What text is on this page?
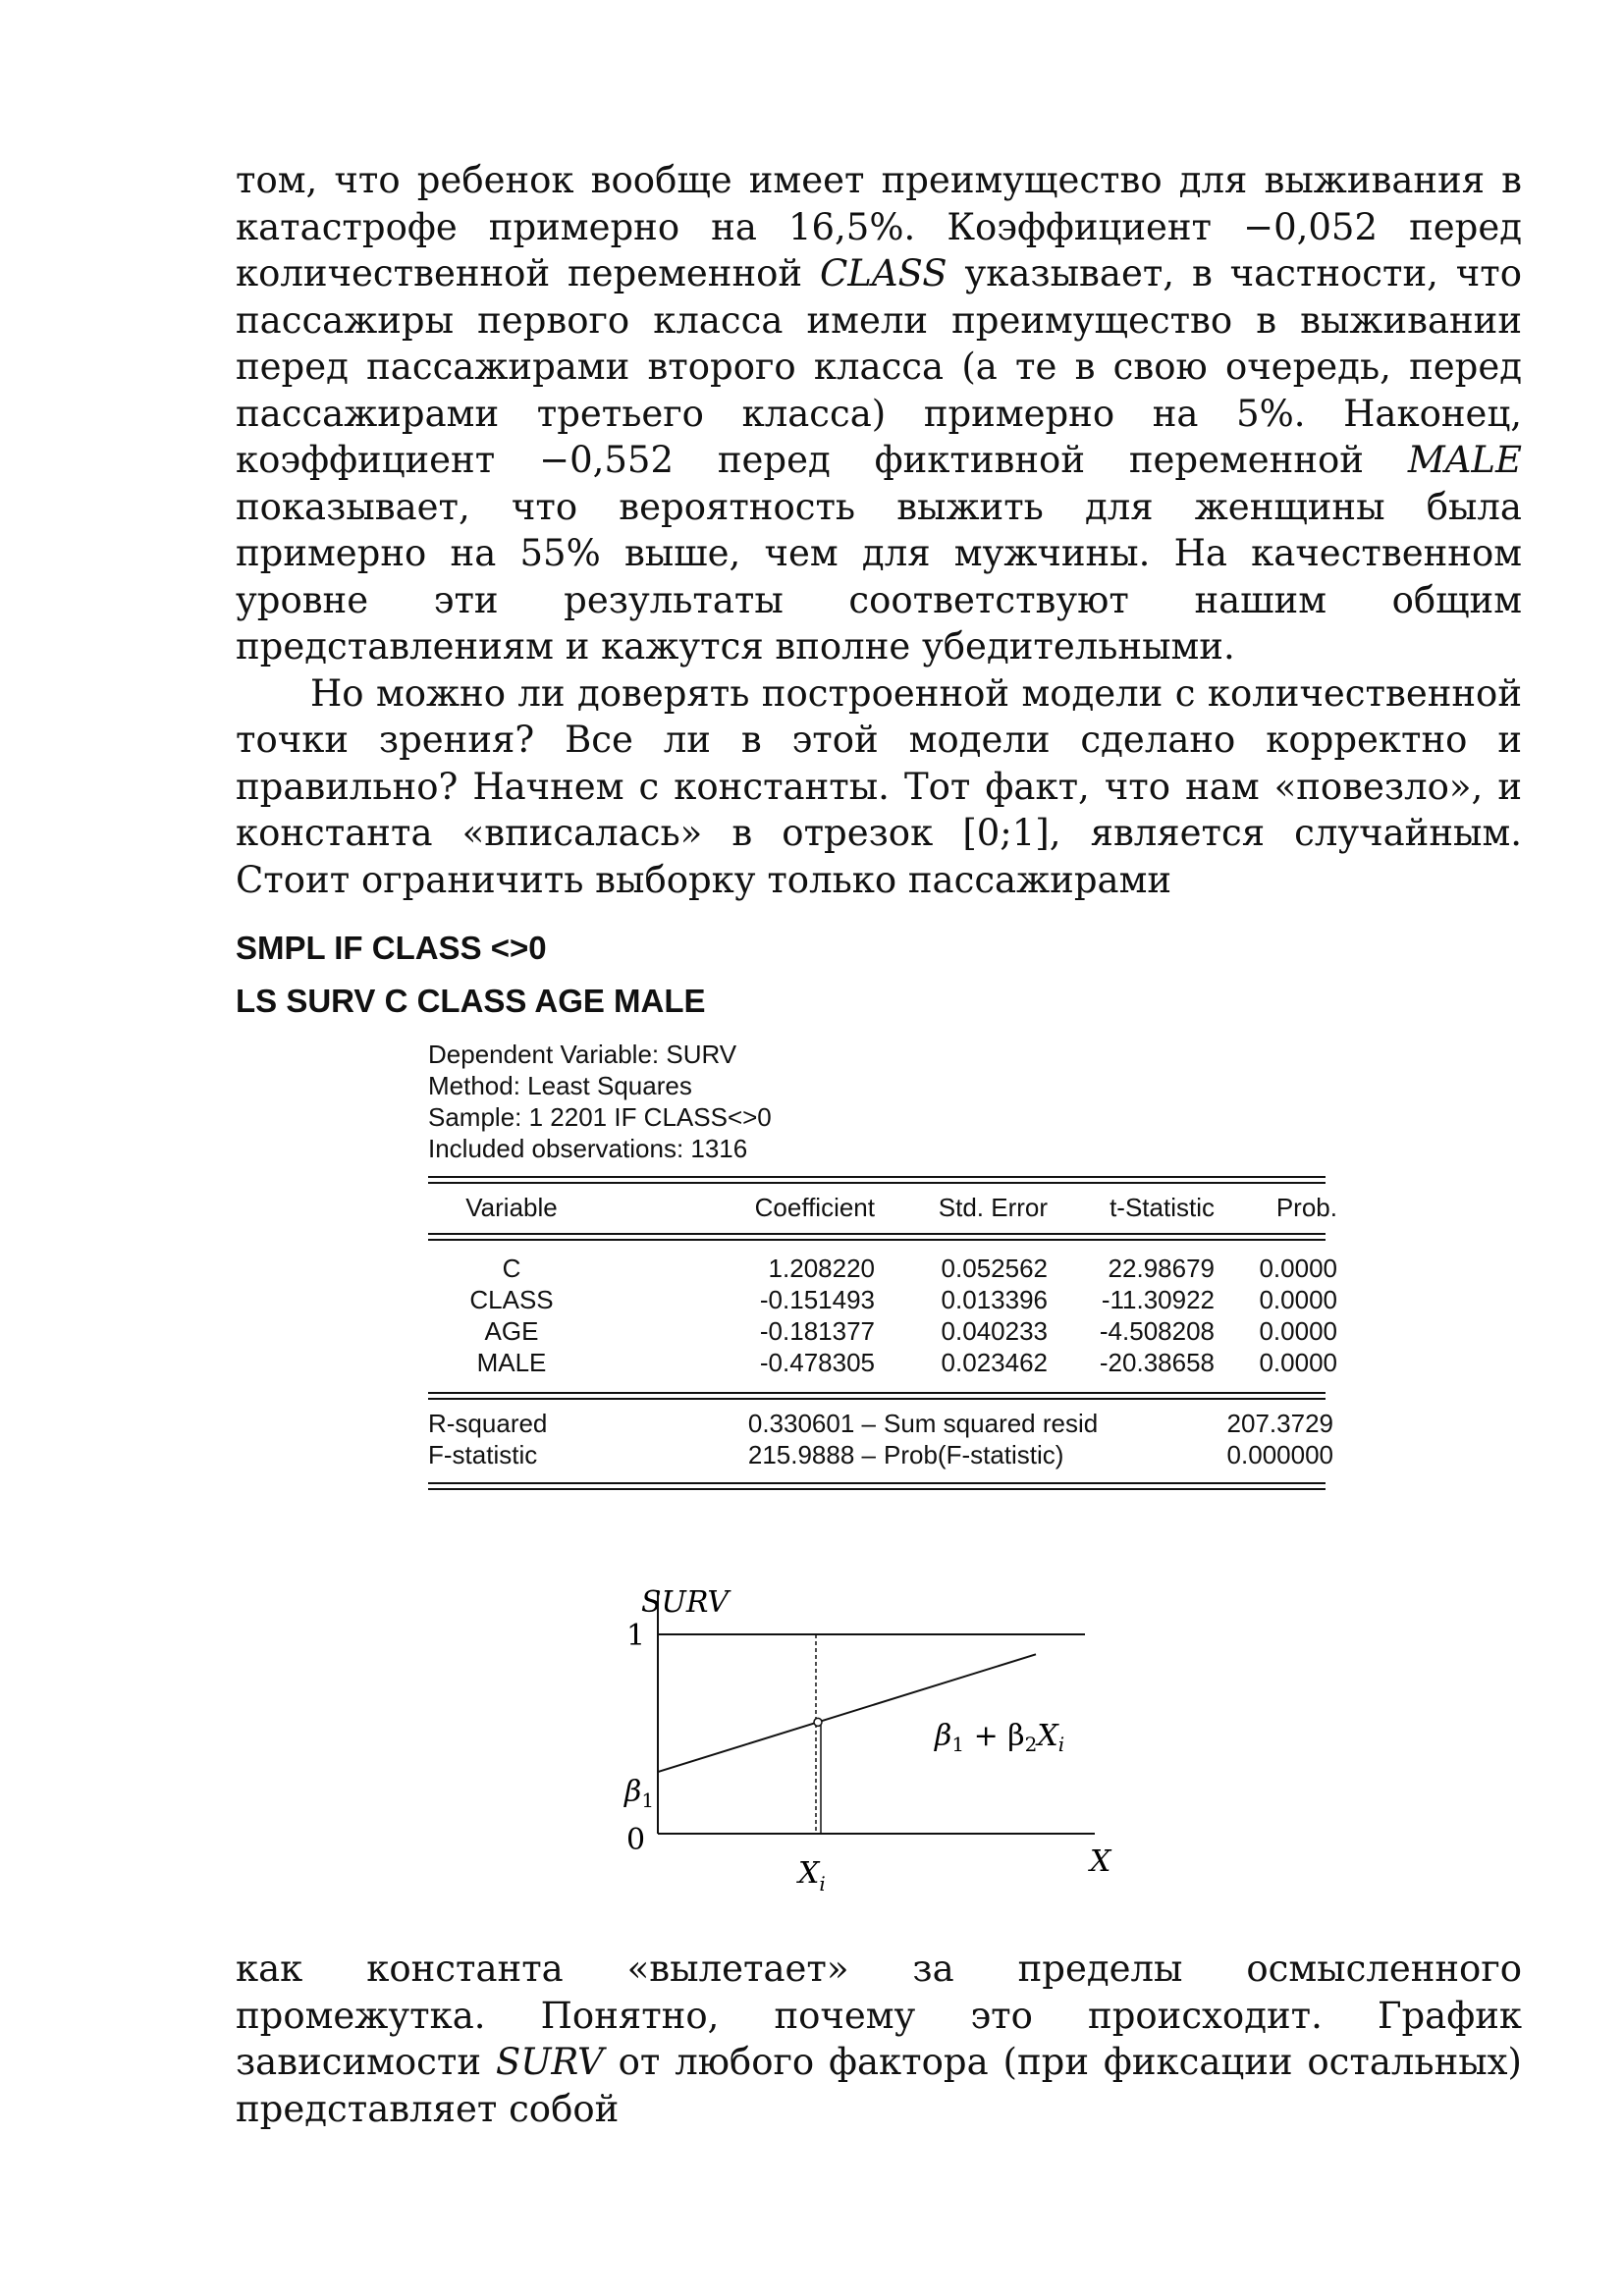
том, что ребенок вообще имеет преимущество для выживания в катастрофе примерно на 16,5%. Коэффициент −0,052 перед количественной переменной CLASS указывает, в частности, что пассажиры первого класса имели преимущество в выживании перед пассажирами второго класса (а те в свою очередь, перед пассажирами третьего класса) примерно на 5%. Наконец, коэффициент −0,552 перед фиктивной переменной MALE показывает, что вероятность выжить для женщины была примерно на 55% выше, чем для мужчины. На качественном уровне эти результаты соответствуют нашим общим представлениям и кажутся вполне убедительными.

Но можно ли доверять построенной модели с количественной точки зрения? Все ли в этой модели сделано корректно и правильно? Начнем с константы. Тот факт, что нам «повезло», и константа «вписалась» в отрезок [0;1], является случайным. Стоит ограничить выборку только пассажирами

SMPL IF CLASS <>0

LS SURV C CLASS AGE MALE

Dependent Variable: SURV
Method: Least Squares
Sample: 1 2201 IF CLASS<>0
Included observations: 1316
Variable	Coefficient	Std. Error	t-Statistic	Prob.
C	1.208220	0.052562	22.98679	0.0000
CLASS	-0.151493	0.013396	-11.30922	0.0000
AGE	-0.181377	0.040233	-4.508208	0.0000
MALE	-0.478305	0.023462	-20.38658	0.0000
R-squared	0.330601 –	Sum squared resid	207.3729
F-statistic	215.9888 –	Prob(F-statistic)	0.000000
SURV
1
0
$\beta_1$
$\beta_1 + \beta_2X_i$
$X_i$
X

как константа «вылетает» за пределы осмысленного промежутка. Понятно, почему это происходит. График зависимости SURV от любого фактора (при фиксации остальных) представляет собой
